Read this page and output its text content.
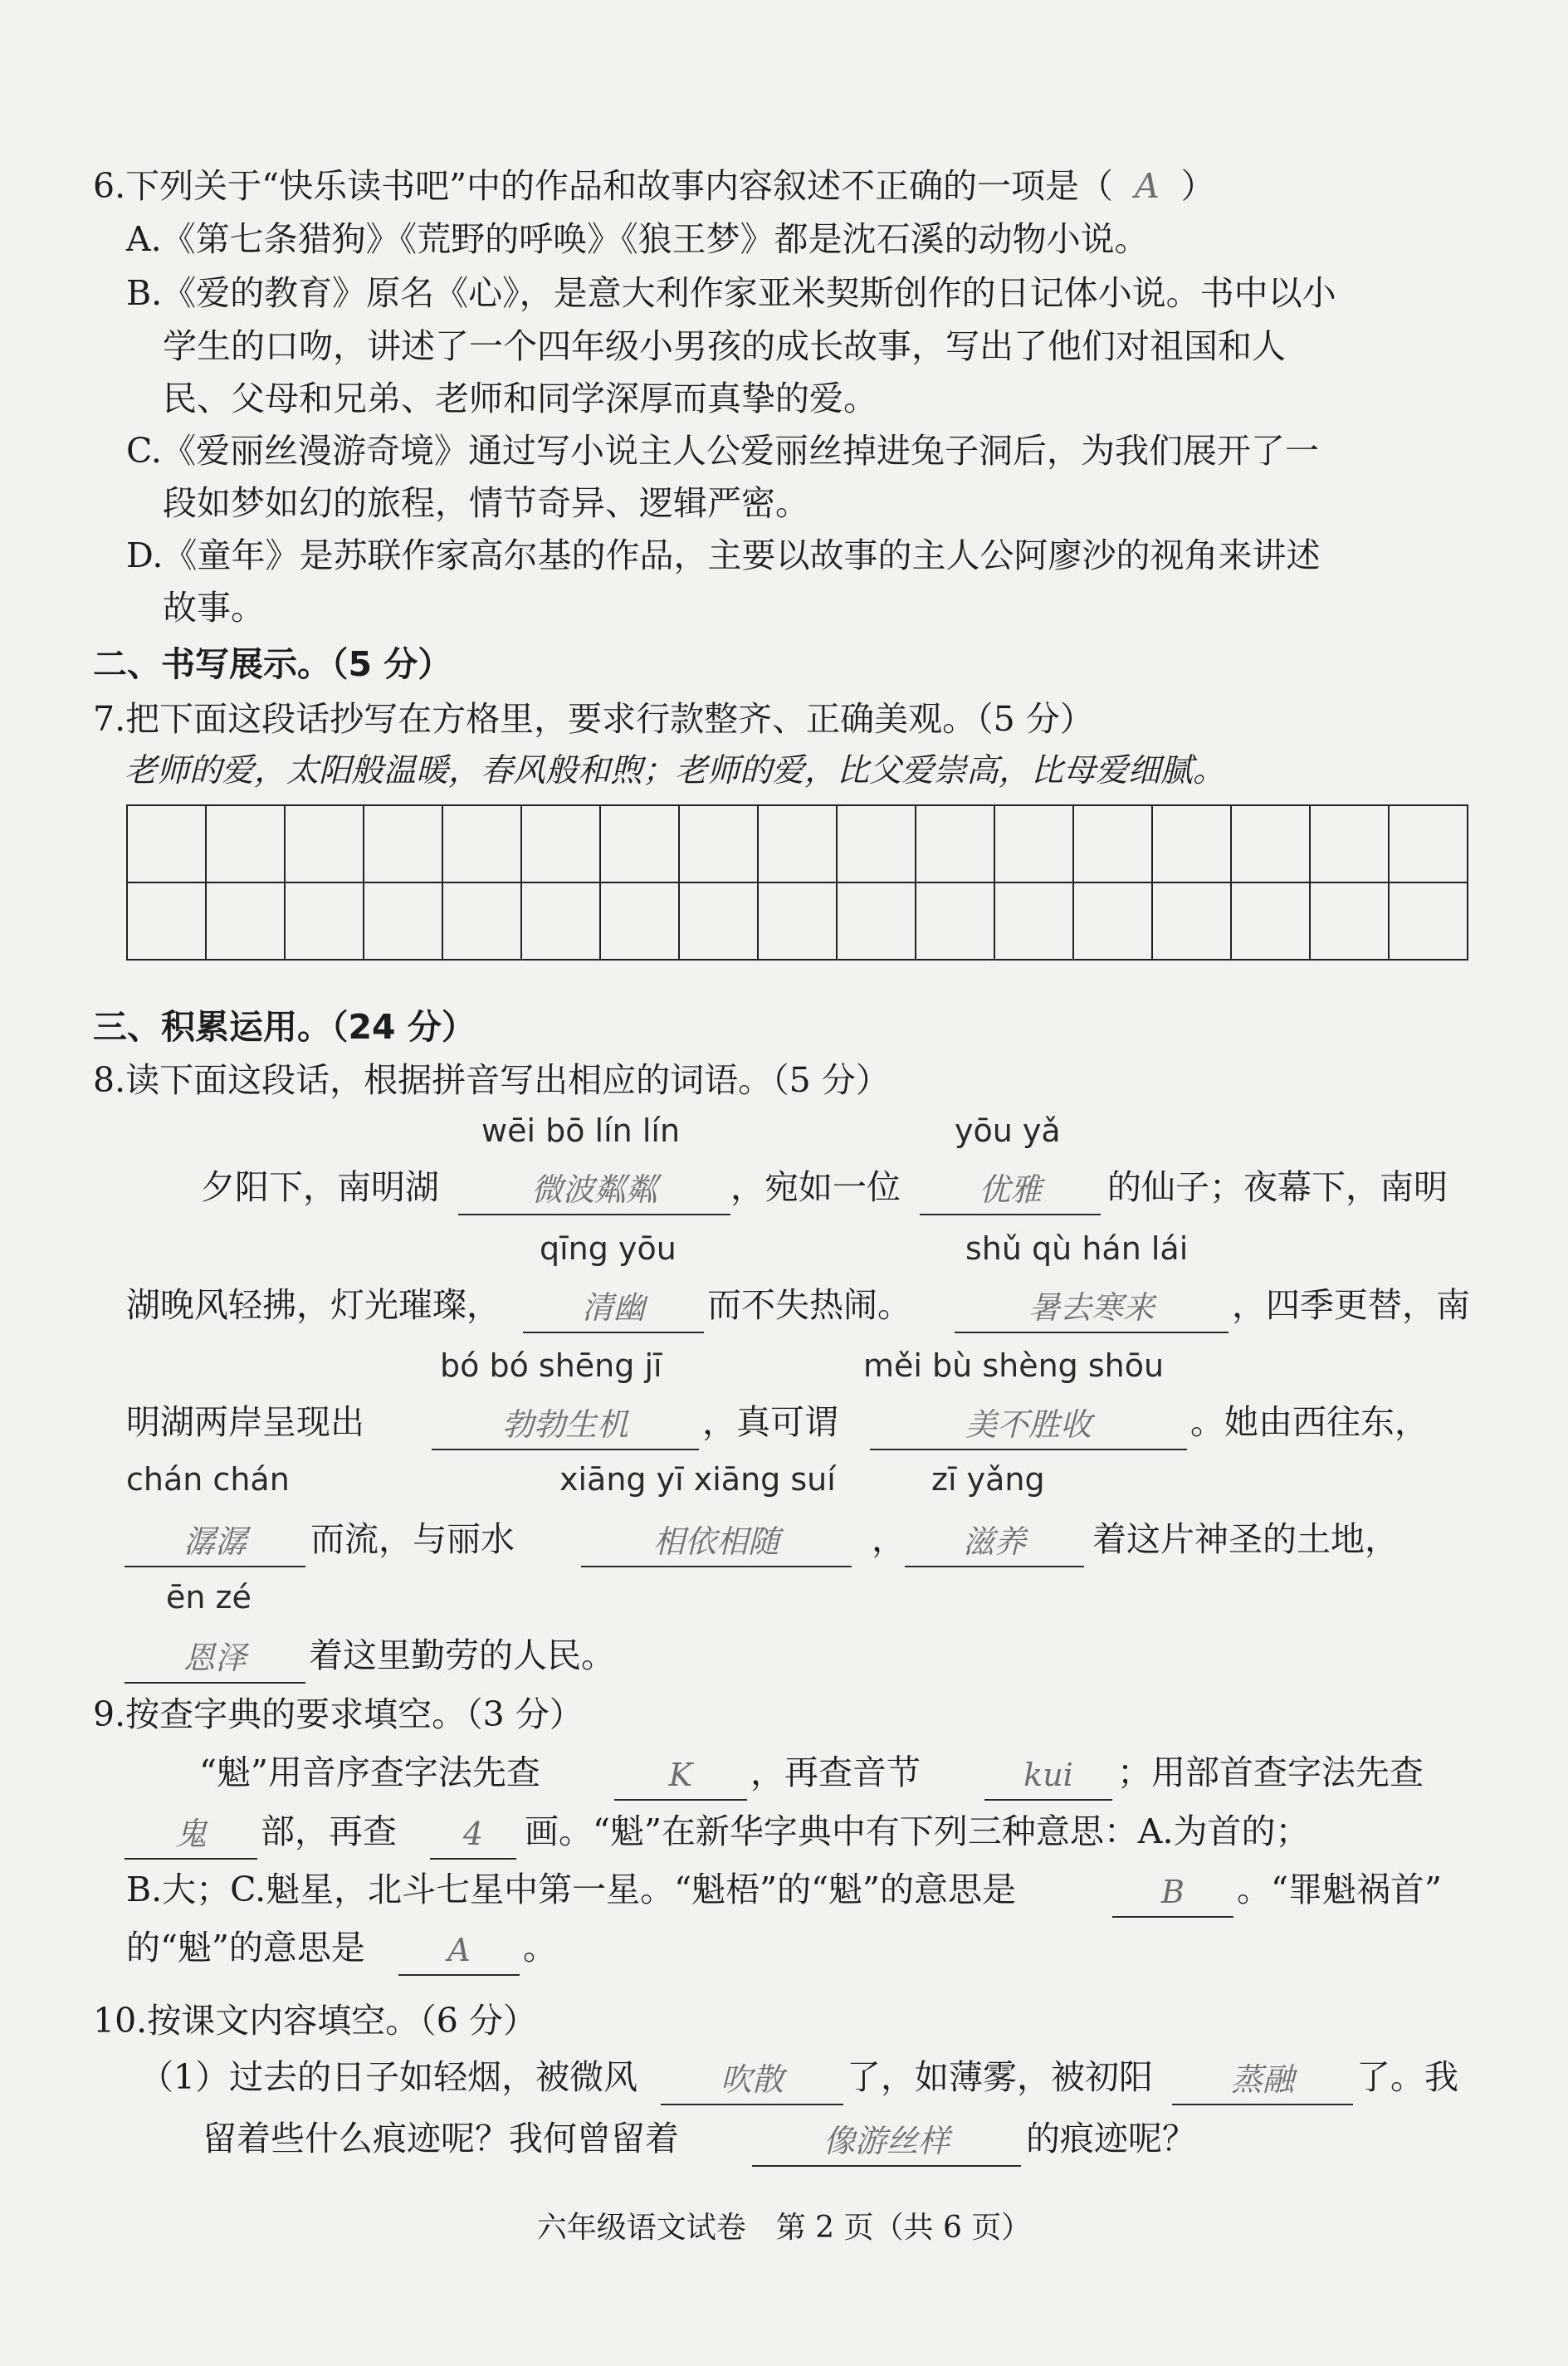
6.下列关于“快乐读书吧”中的作品和故事内容叙述不正确的一项是（ A ）
A.《第七条猎狗》《荒野的呼唤》《狼王梦》都是沈石溪的动物小说。
B.《爱的教育》原名《心》，是意大利作家亚米契斯创作的日记体小说。书中以小
学生的口吻，讲述了一个四年级小男孩的成长故事，写出了他们对祖国和人
民、父母和兄弟、老师和同学深厚而真挚的爱。
C.《爱丽丝漫游奇境》通过写小说主人公爱丽丝掉进兔子洞后，为我们展开了一
段如梦如幻的旅程，情节奇异、逻辑严密。
D.《童年》是苏联作家高尔基的作品，主要以故事的主人公阿廖沙的视角来讲述
故事。
二、书写展示。（5 分）
7.把下面这段话抄写在方格里，要求行款整齐、正确美观。（5 分）
老师的爱，太阳般温暖，春风般和煦；老师的爱，比父爱崇高，比母爱细腻。

三、积累运用。（24 分）
8.读下面这段话，根据拼音写出相应的词语。（5 分）
wēi bō lín lín	yōu yǎ
夕阳下，南明湖	微波粼粼	，宛如一位	优雅	的仙子；夜幕下，南明
qīng yōu	shǔ qù hán lái
湖晚风轻拂，灯光璀璨，	清幽	而不失热闹。	暑去寒来	，四季更替，南
bó bó shēng jī	měi bù shèng shōu
明湖两岸呈现出	勃勃生机	，真可谓	美不胜收	。她由西往东，
chán chán	xiāng yī xiāng suí	zī yǎng
潺潺	而流，与丽水	相依相随	，	滋养	着这片神圣的土地，
ēn zé
恩泽	着这里勤劳的人民。
9.按查字典的要求填空。（3 分）
“魁”用音序查字法先查	K	，再查音节	kui	；用部首查字法先查
鬼	部，再查	4	画。“魁”在新华字典中有下列三种意思：A.为首的；
B.大；C.魁星，北斗七星中第一星。“魁梧”的“魁”的意思是	B	。“罪魁祸首”
的“魁”的意思是	A	。
10.按课文内容填空。（6 分）
（1）过去的日子如轻烟，被微风	吹散	了，如薄雾，被初阳	蒸融	了。我
留着些什么痕迹呢？我何曾留着	像游丝样	的痕迹呢？
六年级语文试卷　第 2 页（共 6 页）
